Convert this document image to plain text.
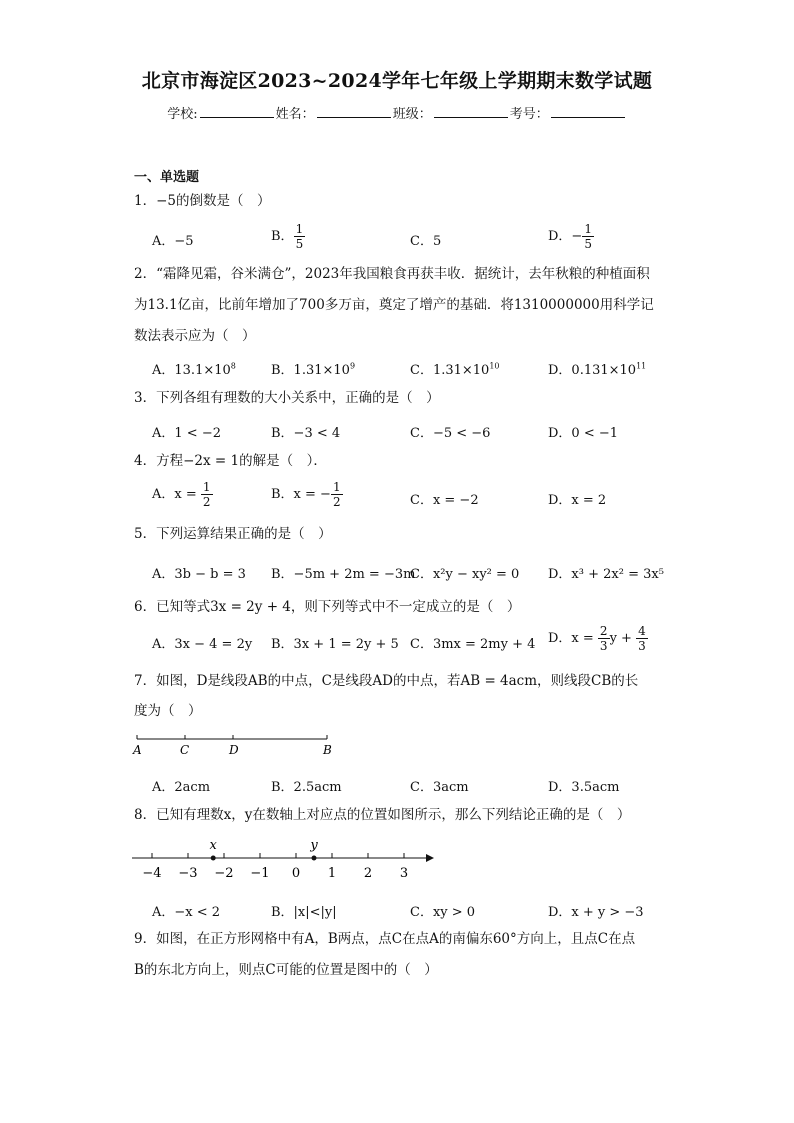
北京市海淀区2023~2024学年七年级上学期期末数学试题
学校:	姓名：	班级：	考号：
一、单选题
1．−5的倒数是（　）
A．−5	B． $\frac{1}{5}$	C．5	D．− $\frac{1}{5}$
2．“霜降见霜，谷米满仓”，2023年我国粮食再获丰收．据统计，去年秋粮的种植面积
为13.1亿亩，比前年增加了700多万亩，奠定了增产的基础．将1310000000用科学记
数法表示应为（　）
A．$13.1\times 10^8$	B．$1.31\times 10^9$	C．$1.31\times 10^{10}$	D．$0.131\times 10^{11}$
3．下列各组有理数的大小关系中，正确的是（　）
A．1 < −2	B．−3 < 4	C．−5 < −6	D．0 < −1
4．方程−2x = 1的解是（　）．
A．$x = \frac{1}{2}$	B．x = − $\frac{1}{2}$	C．x = −2	D．x = 2
5．下列运算结果正确的是（　）
A．3b − b = 3 B．−5m + 2m = −3m
C．x²y − xy² = 0 D．x³ + 2x² = 3x⁵
6．已知等式3x = 2y + 4，则下列等式中不一定成立的是（　）
A．3x − 4 = 2y B．3x + 1 = 2y + 5 C．3mx = 2my + 4 D．$x = \frac{2}{3}$ $y + \frac{4}{3}$
7．如图，D是线段AB的中点，C是线段AD的中点，若AB = 4acm，则线段CB的长
度为（　）
A	C	D	B
A．2acm	B．2.5acm	C．3acm	D．3.5acm
8．已知有理数x，y在数轴上对应点的位置如图所示，那么下列结论正确的是（　）
−4 −3 −2 −1 0 1 2 3
x	y
A．−x < 2	B．|x|<|y|	C．xy > 0	D．x + y > −3
9．如图，在正方形网格中有A，B两点，点C在点A的南偏东60°方向上，且点C在点
B的东北方向上，则点C可能的位置是图中的（　）
